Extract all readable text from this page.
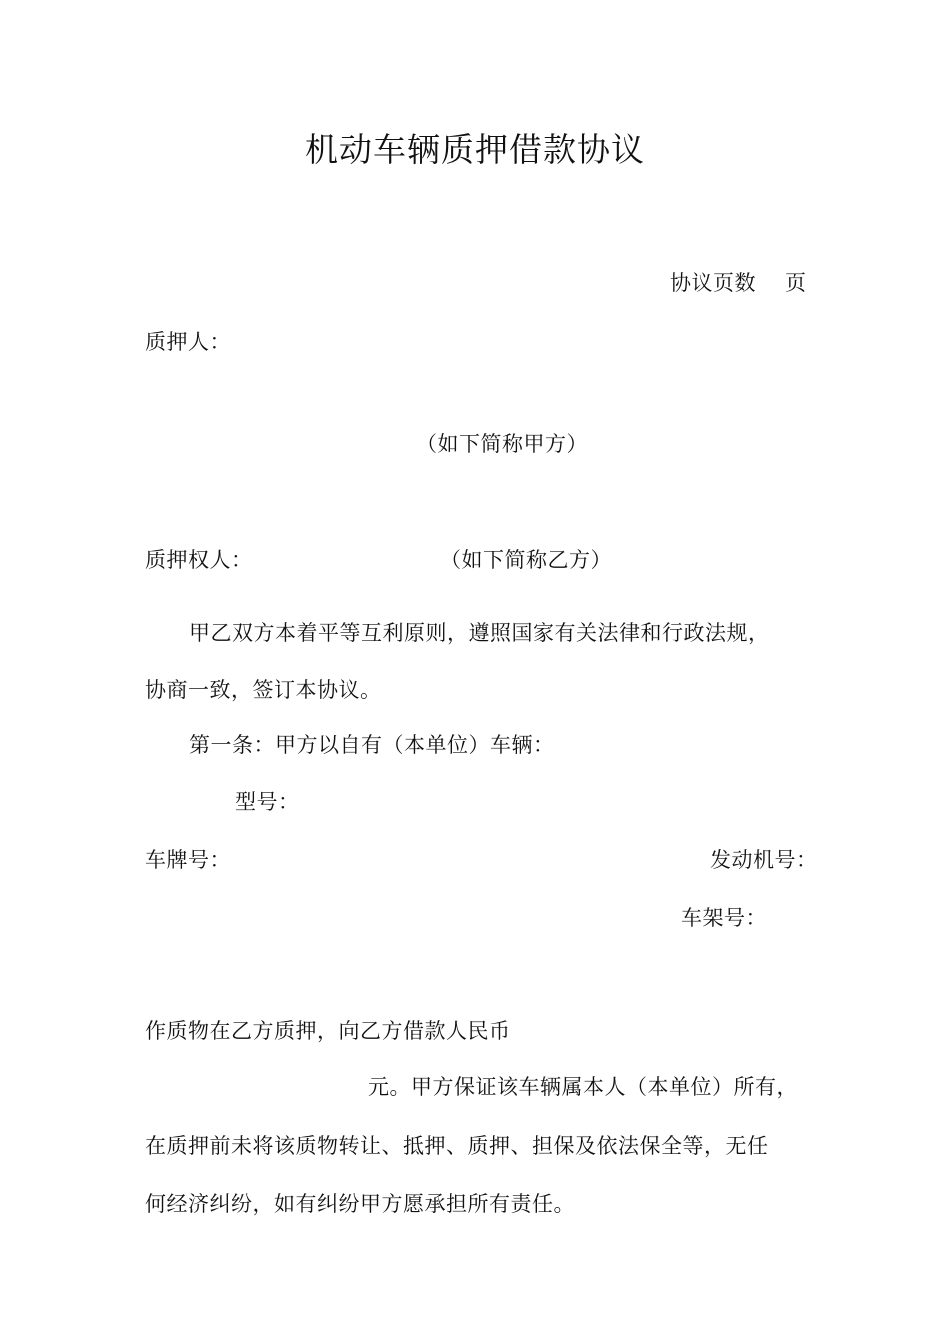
机动车辆质押借款协议
协议页数 页
质押人：
（如下简称甲方）
质押权人：	（如下简称乙方）
甲乙双方本着平等互利原则，遵照国家有关法律和行政法规，
协商一致，签订本协议。
第一条：甲方以自有（本单位）车辆：
型号：
车牌号：	发动机号：
车架号：
作质物在乙方质押，向乙方借款人民币
元。甲方保证该车辆属本人（本单位）所有，
在质押前未将该质物转让、抵押、质押、担保及依法保全等，无任
何经济纠纷，如有纠纷甲方愿承担所有责任。
